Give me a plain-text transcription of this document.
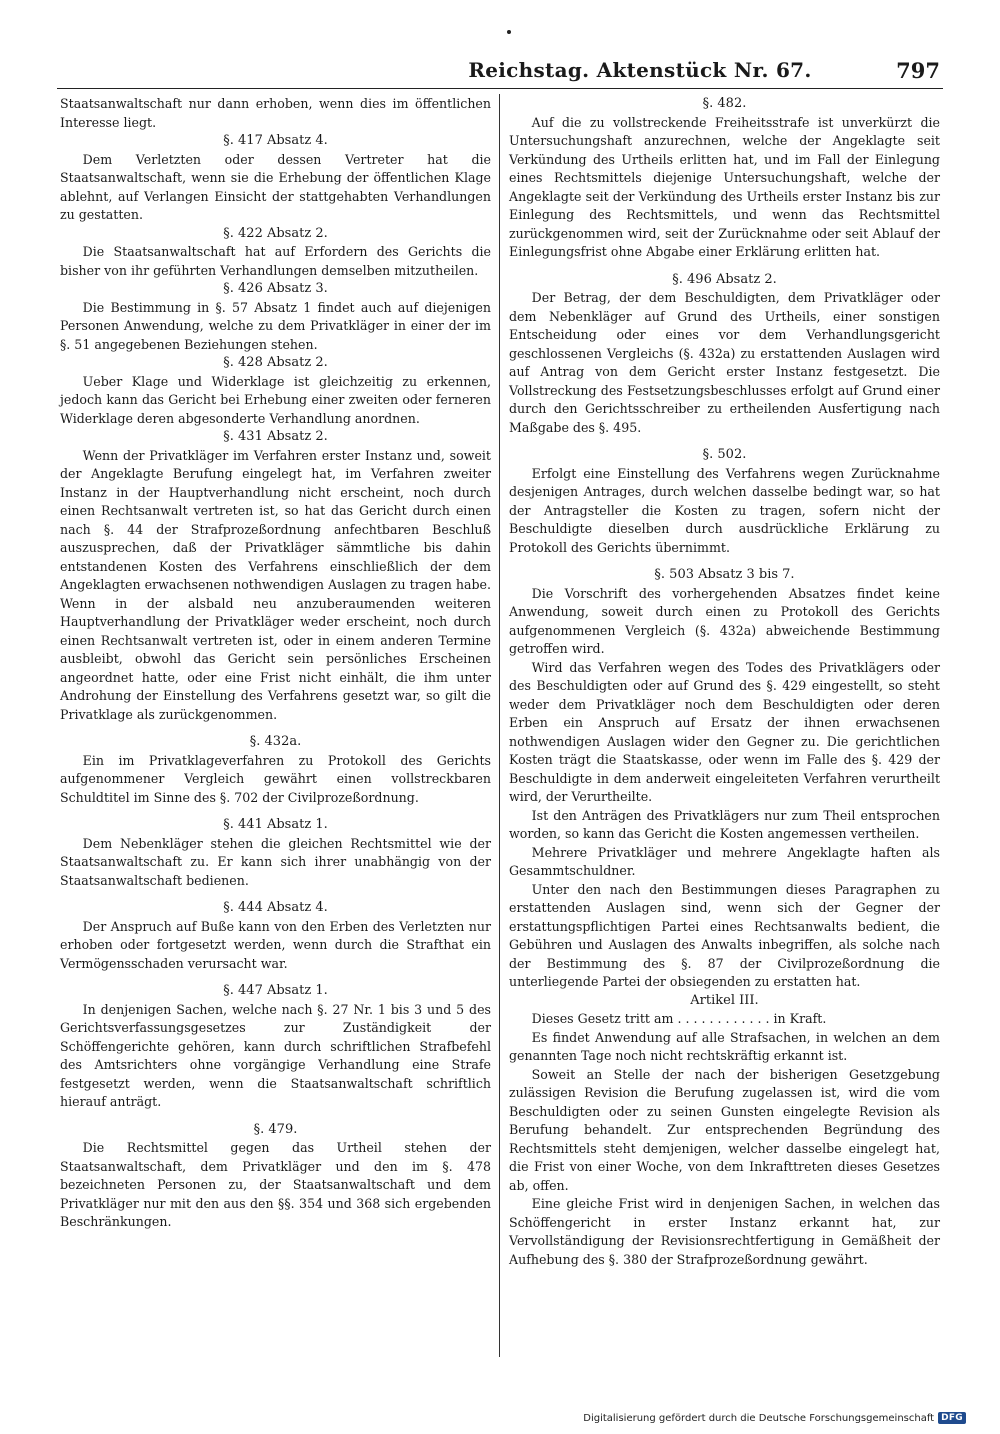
Reichstag. Aktenstück Nr. 67.	797

Staatsanwaltschaft nur dann erhoben, wenn dies im öffentlichen Interesse liegt.

§. 417 Absatz 4.

Dem Verletzten oder dessen Vertreter hat die Staatsanwaltschaft, wenn sie die Erhebung der öffentlichen Klage ablehnt, auf Verlangen Einsicht der stattgehabten Verhandlungen zu gestatten.

§. 422 Absatz 2.

Die Staatsanwaltschaft hat auf Erfordern des Gerichts die bisher von ihr geführten Verhandlungen demselben mitzutheilen.

§. 426 Absatz 3.

Die Bestimmung in §. 57 Absatz 1 findet auch auf diejenigen Personen Anwendung, welche zu dem Privatkläger in einer der im §. 51 angegebenen Beziehungen stehen.

§. 428 Absatz 2.

Ueber Klage und Widerklage ist gleichzeitig zu erkennen, jedoch kann das Gericht bei Erhebung einer zweiten oder ferneren Widerklage deren abgesonderte Verhandlung anordnen.

§. 431 Absatz 2.

Wenn der Privatkläger im Verfahren erster Instanz und, soweit der Angeklagte Berufung eingelegt hat, im Verfahren zweiter Instanz in der Hauptverhandlung nicht erscheint, noch durch einen Rechtsanwalt vertreten ist, so hat das Gericht durch einen nach §. 44 der Strafprozeßordnung anfechtbaren Beschluß auszusprechen, daß der Privatkläger sämmtliche bis dahin entstandenen Kosten des Verfahrens einschließlich der dem Angeklagten erwachsenen nothwendigen Auslagen zu tragen habe. Wenn in der alsbald neu anzuberaumenden weiteren Hauptverhandlung der Privatkläger weder erscheint, noch durch einen Rechtsanwalt vertreten ist, oder in einem anderen Termine ausbleibt, obwohl das Gericht sein persönliches Erscheinen angeordnet hatte, oder eine Frist nicht einhält, die ihm unter Androhung der Einstellung des Verfahrens gesetzt war, so gilt die Privatklage als zurückgenommen.

§. 432a.

Ein im Privatklageverfahren zu Protokoll des Gerichts aufgenommener Vergleich gewährt einen vollstreckbaren Schuldtitel im Sinne des §. 702 der Civilprozeßordnung.

§. 441 Absatz 1.

Dem Nebenkläger stehen die gleichen Rechtsmittel wie der Staatsanwaltschaft zu. Er kann sich ihrer unabhängig von der Staatsanwaltschaft bedienen.

§. 444 Absatz 4.

Der Anspruch auf Buße kann von den Erben des Verletzten nur erhoben oder fortgesetzt werden, wenn durch die Strafthat ein Vermögensschaden verursacht war.

§. 447 Absatz 1.

In denjenigen Sachen, welche nach §. 27 Nr. 1 bis 3 und 5 des Gerichtsverfassungsgesetzes zur Zuständigkeit der Schöffengerichte gehören, kann durch schriftlichen Strafbefehl des Amtsrichters ohne vorgängige Verhandlung eine Strafe festgesetzt werden, wenn die Staatsanwaltschaft schriftlich hierauf anträgt.

§. 479.

Die Rechtsmittel gegen das Urtheil stehen der Staatsanwaltschaft, dem Privatkläger und den im §. 478 bezeichneten Personen zu, der Staatsanwaltschaft und dem Privatkläger nur mit den aus den §§. 354 und 368 sich ergebenden Beschränkungen.

§. 482.

Auf die zu vollstreckende Freiheitsstrafe ist unverkürzt die Untersuchungshaft anzurechnen, welche der Angeklagte seit Verkündung des Urtheils erlitten hat, und im Fall der Einlegung eines Rechtsmittels diejenige Untersuchungshaft, welche der Angeklagte seit der Verkündung des Urtheils erster Instanz bis zur Einlegung des Rechtsmittels, und wenn das Rechtsmittel zurückgenommen wird, seit der Zurücknahme oder seit Ablauf der Einlegungsfrist ohne Abgabe einer Erklärung erlitten hat.

§. 496 Absatz 2.

Der Betrag, der dem Beschuldigten, dem Privatkläger oder dem Nebenkläger auf Grund des Urtheils, einer sonstigen Entscheidung oder eines vor dem Verhandlungsgericht geschlossenen Vergleichs (§. 432a) zu erstattenden Auslagen wird auf Antrag von dem Gericht erster Instanz festgesetzt. Die Vollstreckung des Festsetzungsbeschlusses erfolgt auf Grund einer durch den Gerichtsschreiber zu ertheilenden Ausfertigung nach Maßgabe des §. 495.

§. 502.

Erfolgt eine Einstellung des Verfahrens wegen Zurücknahme desjenigen Antrages, durch welchen dasselbe bedingt war, so hat der Antragsteller die Kosten zu tragen, sofern nicht der Beschuldigte dieselben durch ausdrückliche Erklärung zu Protokoll des Gerichts übernimmt.

§. 503 Absatz 3 bis 7.

Die Vorschrift des vorhergehenden Absatzes findet keine Anwendung, soweit durch einen zu Protokoll des Gerichts aufgenommenen Vergleich (§. 432a) abweichende Bestimmung getroffen wird.

Wird das Verfahren wegen des Todes des Privatklägers oder des Beschuldigten oder auf Grund des §. 429 eingestellt, so steht weder dem Privatkläger noch dem Beschuldigten oder deren Erben ein Anspruch auf Ersatz der ihnen erwachsenen nothwendigen Auslagen wider den Gegner zu. Die gerichtlichen Kosten trägt die Staatskasse, oder wenn im Falle des §. 429 der Beschuldigte in dem anderweit eingeleiteten Verfahren verurtheilt wird, der Verurtheilte.

Ist den Anträgen des Privatklägers nur zum Theil entsprochen worden, so kann das Gericht die Kosten angemessen vertheilen.

Mehrere Privatkläger und mehrere Angeklagte haften als Gesammtschuldner.

Unter den nach den Bestimmungen dieses Paragraphen zu erstattenden Auslagen sind, wenn sich der Gegner der erstattungspflichtigen Partei eines Rechtsanwalts bedient, die Gebühren und Auslagen des Anwalts inbegriffen, als solche nach der Bestimmung des §. 87 der Civilprozeßordnung die unterliegende Partei der obsiegenden zu erstatten hat.

Artikel III.

Dieses Gesetz tritt am . . . . . . . . . . . . in Kraft.

Es findet Anwendung auf alle Strafsachen, in welchen an dem genannten Tage noch nicht rechtskräftig erkannt ist.

Soweit an Stelle der nach der bisherigen Gesetzgebung zulässigen Revision die Berufung zugelassen ist, wird die vom Beschuldigten oder zu seinen Gunsten eingelegte Revision als Berufung behandelt. Zur entsprechenden Begründung des Rechtsmittels steht demjenigen, welcher dasselbe eingelegt hat, die Frist von einer Woche, von dem Inkrafttreten dieses Gesetzes ab, offen.

Eine gleiche Frist wird in denjenigen Sachen, in welchen das Schöffengericht in erster Instanz erkannt hat, zur Vervollständigung der Revisionsrechtfertigung in Gemäßheit der Aufhebung des §. 380 der Strafprozeßordnung gewährt.

Digitalisierung gefördert durch die Deutsche Forschungsgemeinschaft DFG
